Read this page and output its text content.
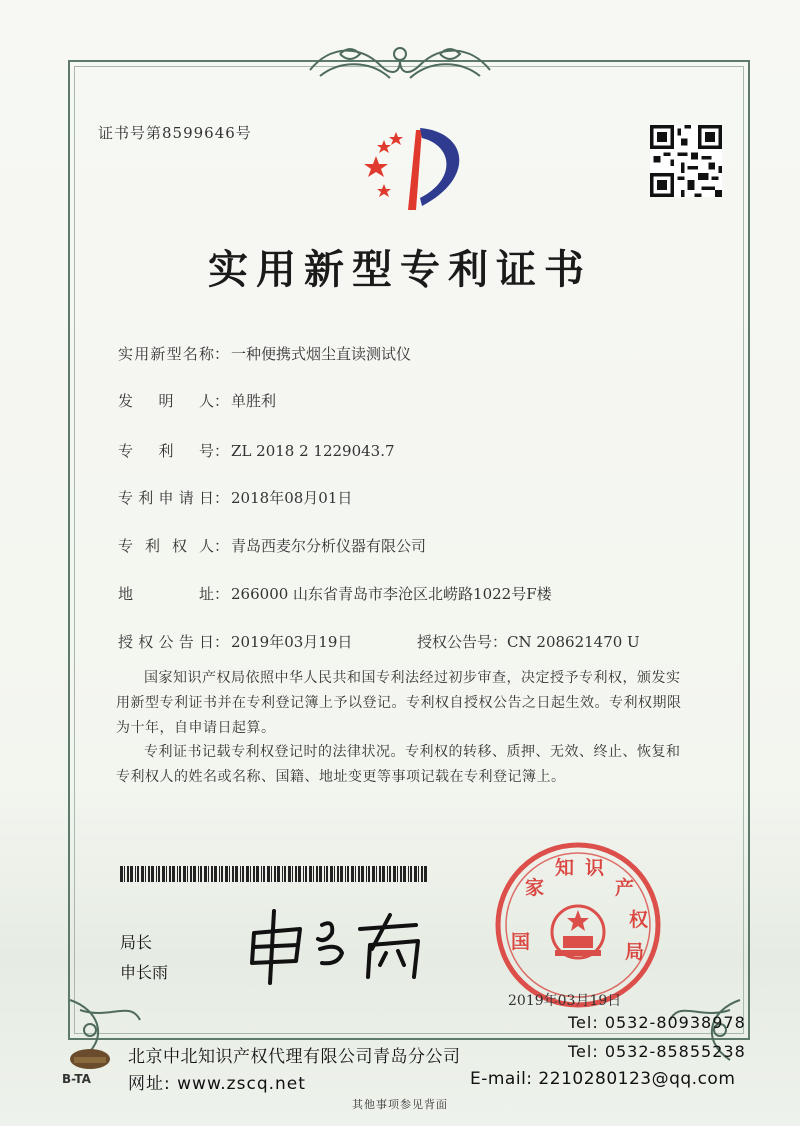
证书号第8599646号
实用新型专利证书
实用新型名称： 一种便携式烟尘直读测试仪
发明人： 单胜利
专利号： ZL 2018 2 1229043.7
专利申请日： 2018年08月01日
专利权人： 青岛西麦尔分析仪器有限公司
地址： 266000 山东省青岛市李沧区北崂路1022号F楼
授权公告日： 2019年03月19日	授权公告号：CN 208621470 U
国家知识产权局依照中华人民共和国专利法经过初步审查，决定授予专利权，颁发实用新型专利证书并在专利登记簿上予以登记。专利权自授权公告之日起生效。专利权期限为十年，自申请日起算。
专利证书记载专利权登记时的法律状况。专利权的转移、质押、无效、终止、恢复和专利权人的姓名或名称、国籍、地址变更等事项记载在专利登记簿上。
局长
申长雨
国 家 知 识 产 权 局
2019年03月19日
B-TA
Tel: 0532-80938978
北京中北知识产权代理有限公司青岛分公司	Tel: 0532-85855238
网址: www.zscq.net	E-mail: 2210280123@qq.com
其他事项参见背面
